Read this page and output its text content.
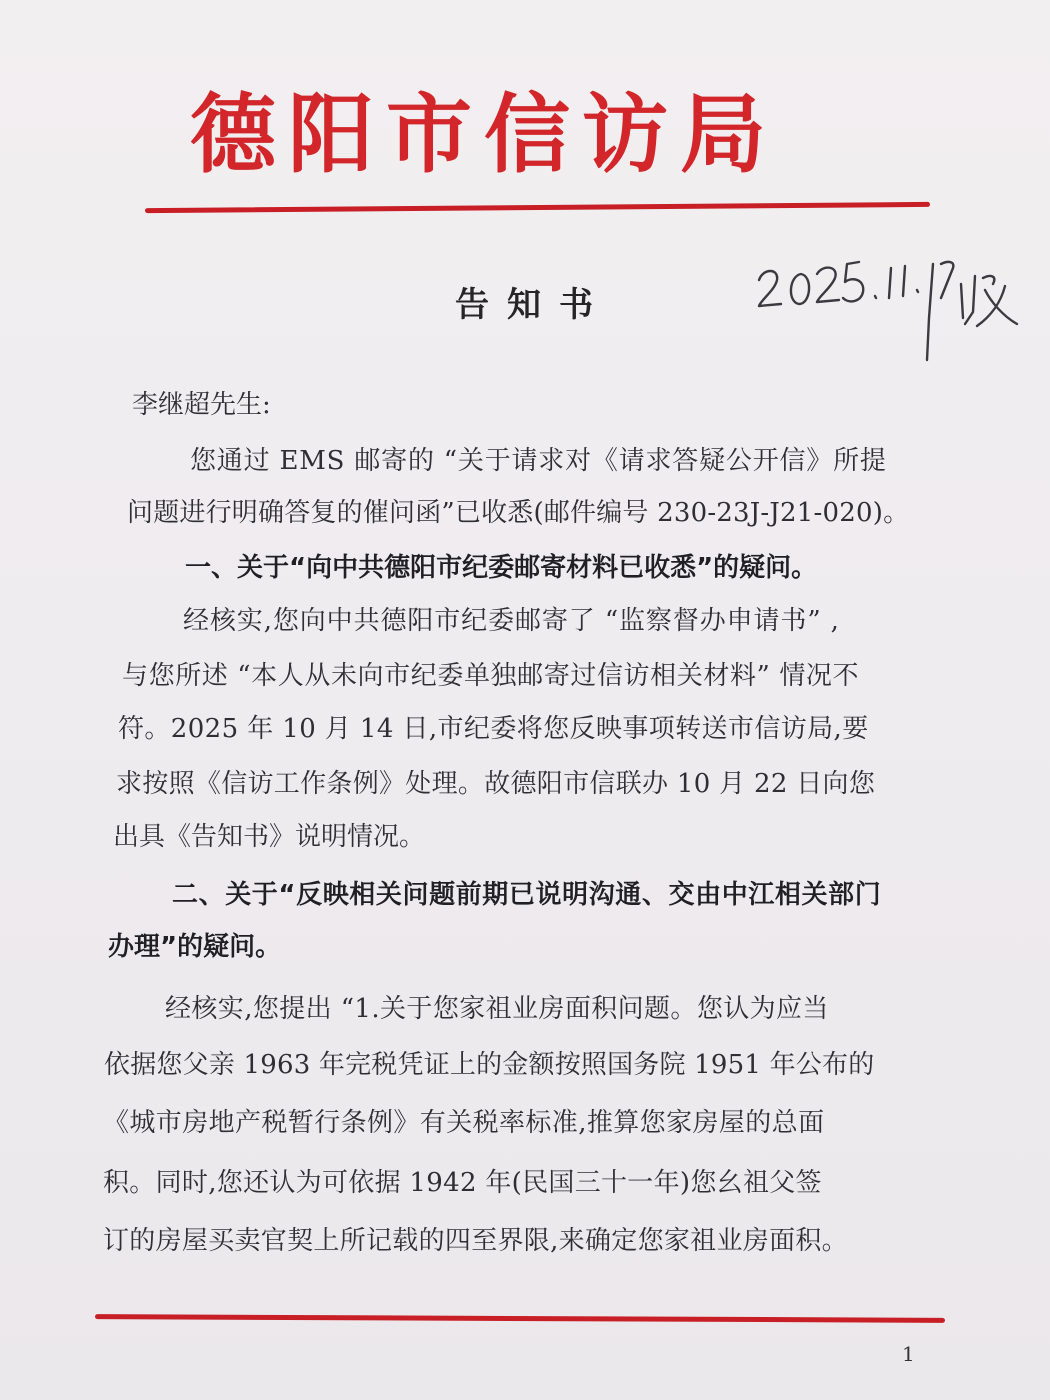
德阳市信访局
告知书
李继超先生:
您通过 EMS 邮寄的 “关于请求对《请求答疑公开信》所提
问题进行明确答复的催问函”已收悉(邮件编号 230-23J-J21-020)。
一、关于“向中共德阳市纪委邮寄材料已收悉”的疑问。
经核实,您向中共德阳市纪委邮寄了 “监察督办申请书” ,
与您所述 “本人从未向市纪委单独邮寄过信访相关材料” 情况不
符。2025 年 10 月 14 日,市纪委将您反映事项转送市信访局,要
求按照《信访工作条例》处理。故德阳市信联办 10 月 22 日向您
出具《告知书》说明情况。
二、关于“反映相关问题前期已说明沟通、交由中江相关部门
办理”的疑问。
经核实,您提出 “1.关于您家祖业房面积问题。您认为应当
依据您父亲 1963 年完税凭证上的金额按照国务院 1951 年公布的
《城市房地产税暂行条例》有关税率标准,推算您家房屋的总面
积。同时,您还认为可依据 1942 年(民国三十一年)您幺祖父签
订的房屋买卖官契上所记载的四至界限,来确定您家祖业房面积。
1
